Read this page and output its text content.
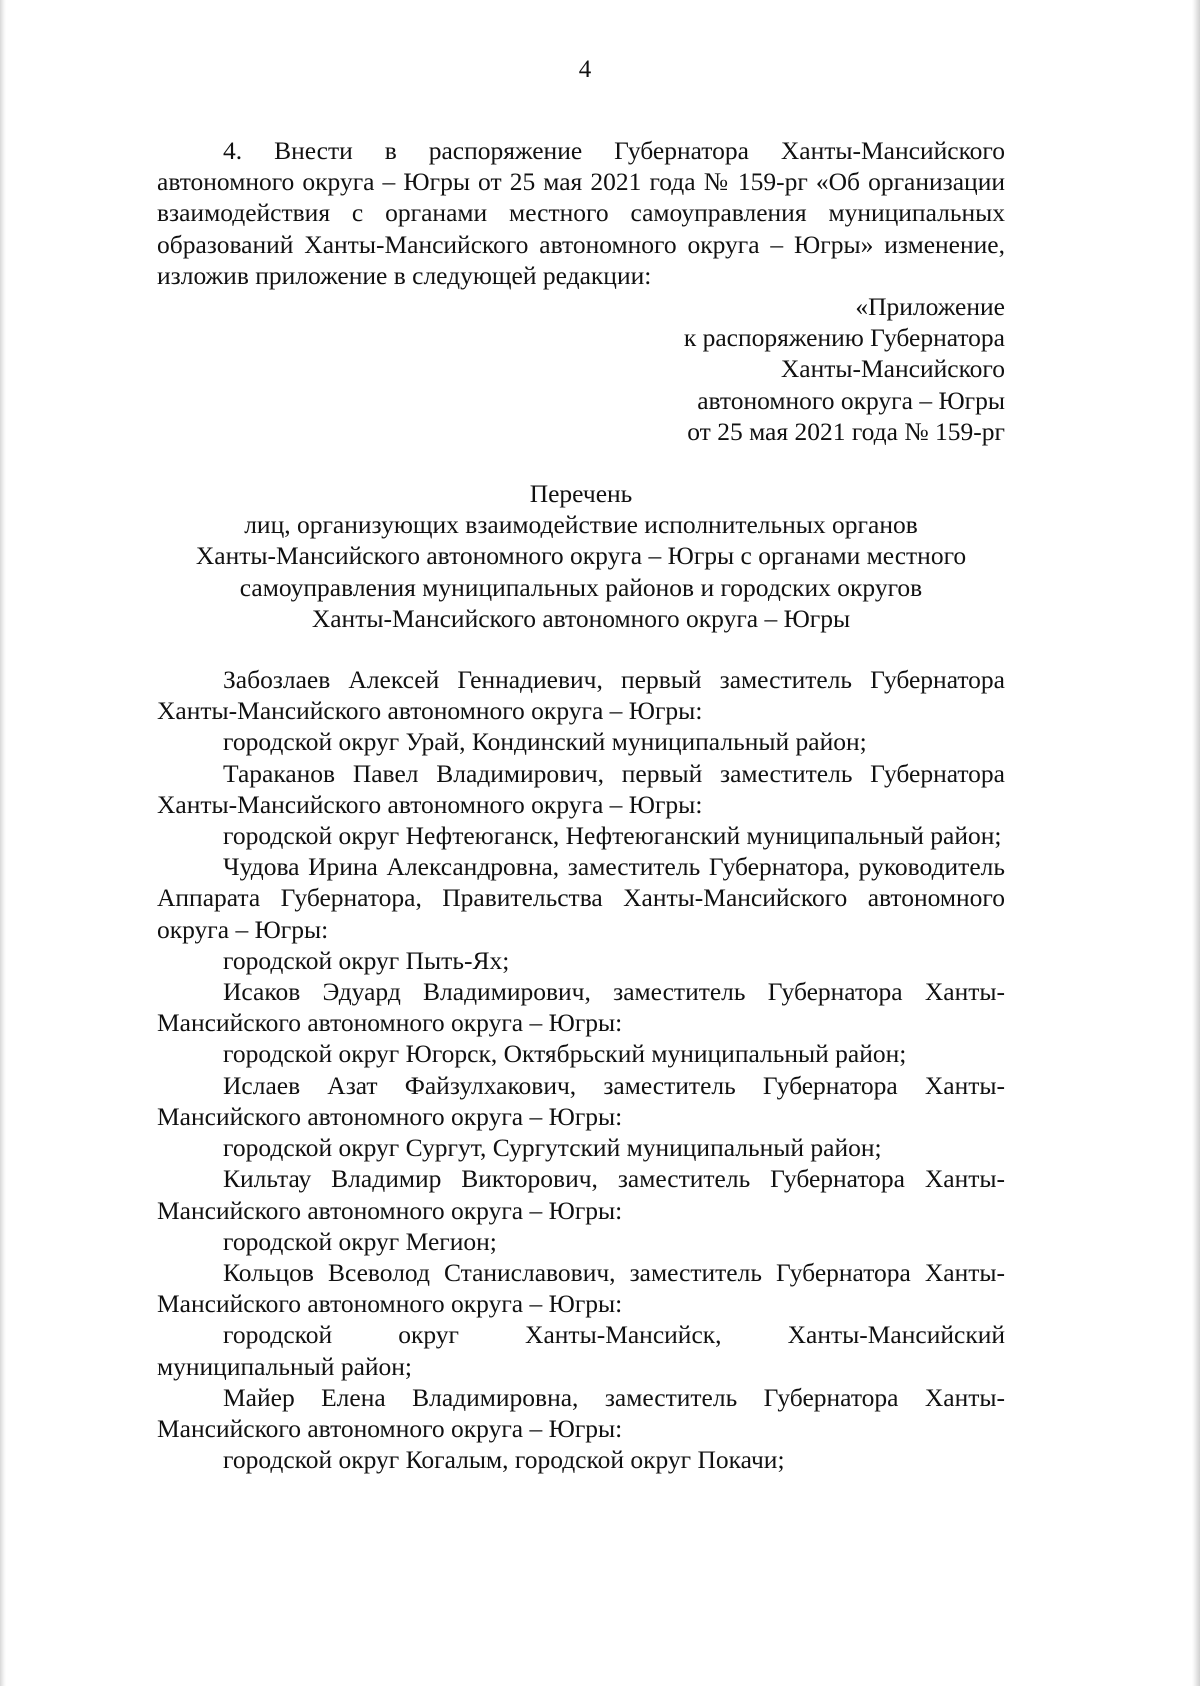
4

4. Внести в распоряжение Губернатора Ханты-Мансийского автономного округа – Югры от 25 мая 2021 года № 159-рг «Об организации взаимодействия с органами местного самоуправления муниципальных образований Ханты-Мансийского автономного округа – Югры» изменение, изложив приложение в следующей редакции:

«Приложение
к распоряжению Губернатора
Ханты-Мансийского
автономного округа – Югры
от 25 мая 2021 года № 159-рг
Перечень
лиц, организующих взаимодействие исполнительных органов
Ханты-Мансийского автономного округа – Югры с органами местного
самоуправления муниципальных районов и городских округов
Ханты-Мансийского автономного округа – Югры

Забозлаев Алексей Геннадиевич, первый заместитель Губернатора Ханты-Мансийского автономного округа – Югры:

городской округ Урай, Кондинский муниципальный район;

Тараканов Павел Владимирович, первый заместитель Губернатора Ханты-Мансийского автономного округа – Югры:

городской округ Нефтеюганск, Нефтеюганский муниципальный район;

Чудова Ирина Александровна, заместитель Губернатора, руководитель Аппарата Губернатора, Правительства Ханты-Мансийского автономного округа – Югры:

городской округ Пыть-Ях;

Исаков Эдуард Владимирович, заместитель Губернатора Ханты-Мансийского автономного округа – Югры:

городской округ Югорск, Октябрьский муниципальный район;

Ислаев Азат Файзулхакович, заместитель Губернатора Ханты-Мансийского автономного округа – Югры:

городской округ Сургут, Сургутский муниципальный район;

Кильтау Владимир Викторович, заместитель Губернатора Ханты-Мансийского автономного округа – Югры:

городской округ Мегион;

Кольцов Всеволод Станиславович, заместитель Губернатора Ханты-Мансийского автономного округа – Югры:

городской округ Ханты-Мансийск, Ханты-Мансийский муниципальный район;

Майер Елена Владимировна, заместитель Губернатора Ханты-Мансийского автономного округа – Югры:

городской округ Когалым, городской округ Покачи;
